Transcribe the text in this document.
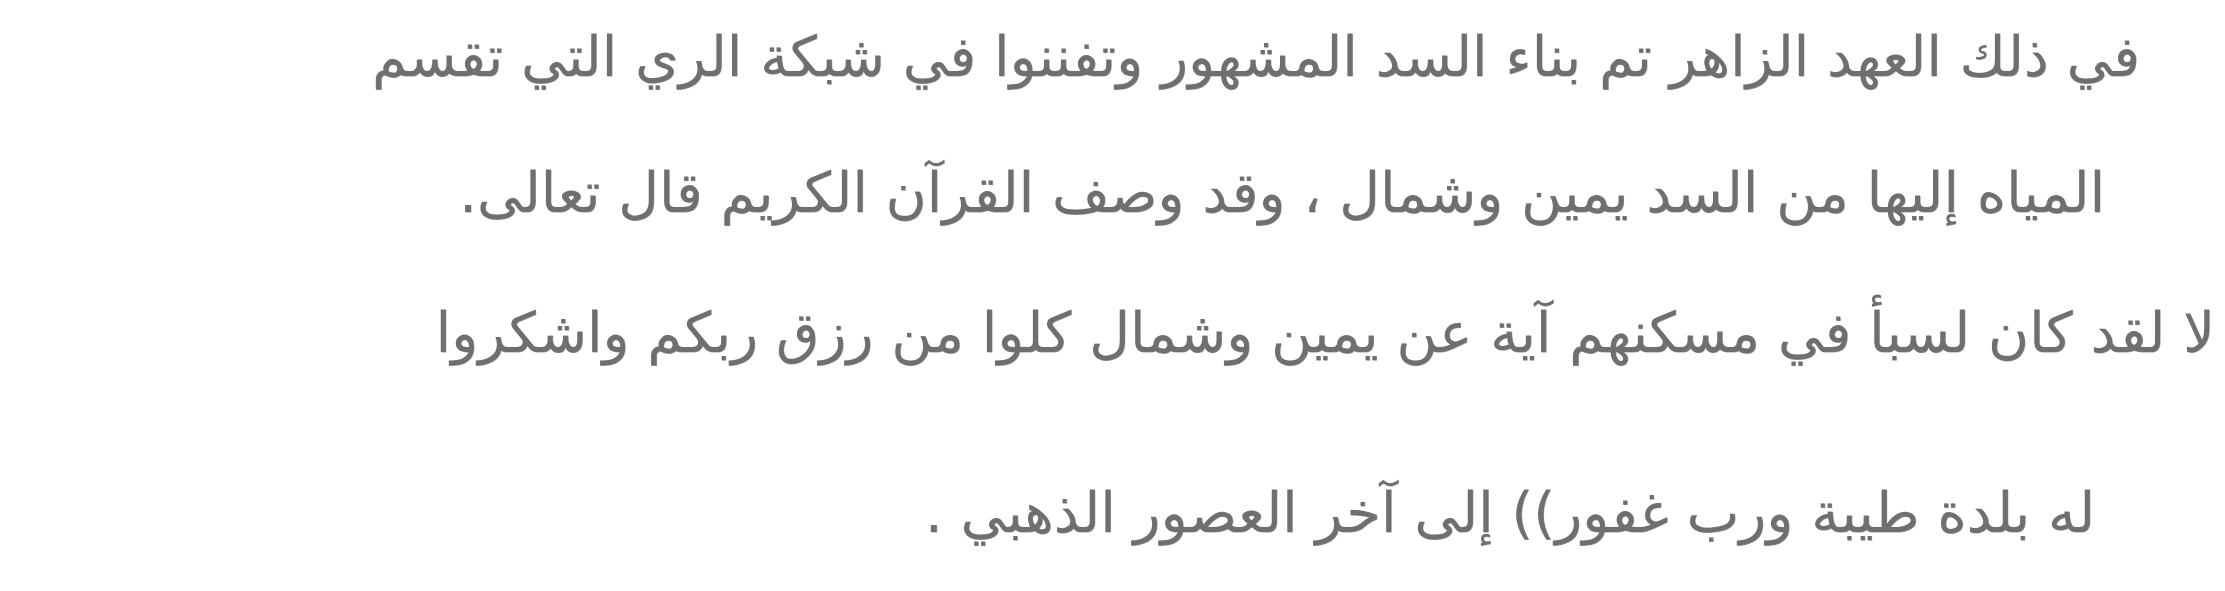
في ذلك العهد الزاهر تم بناء السد المشهور وتفننوا في شبكة الري التي تقسم
المياه إليها من السد يمين وشمال ، وقد وصف القرآن الكريم قال تعالى.
لا لقد كان لسبأ في مسكنهم آية عن يمين وشمال كلوا من رزق ربكم واشكروا
له بلدة طيبة ورب غفور)) إلى آخر العصور الذهبي .
